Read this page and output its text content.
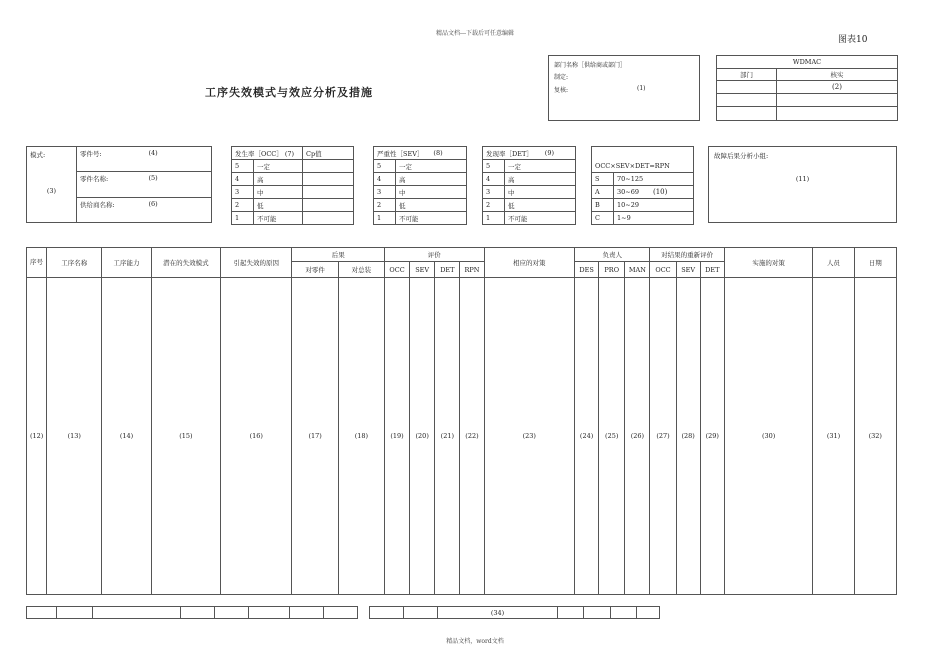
精品文档---下载后可任意编辑
图表10
工序失效模式与效应分析及措施
部门名称［供给商或部门］
制定:
复核:	(1)
WDMAC	
部门	核实
	(2)

模式:
(3)
	零件号:	(4)

零件名称:	(5)

供给商名称:	(6)
发生率［OCC］ (7)		Cp值
5	一定	
4	高	
3	中	
2	低	
1	不可能	
严重性［SEV］ (8)	

5	一定
4	高
3	中
2	低
1	不可能
发现率［DET］ (9)	

5	一定
4	高
3	中
2	低
1	不可能

OCC×SEV×DET=RPN	
S	70~125
A	30~69 (10)
B	10~29
C	1~9
故障后果分析小组:
(11)
序号	工序名称	工序能力	潜在的失效模式	引起失效的原因	后果		评价				相应的对策	负责人			对结果的重新评价			实施的对策	人员	日期
					对零件	对总装	OCC	SEV	DET	RPN		DES	PRO	MAN	OCC	SEV	DET			
(12)	(13)	(14)	(15)	(16)	(17)	(18)	(19)	(20)	(21)	(22)	(23)	(24)	(25)	(26)	(27)	(28)	(29)	(30)	(31)	(32)

		(34)				
精品文档，word文档
